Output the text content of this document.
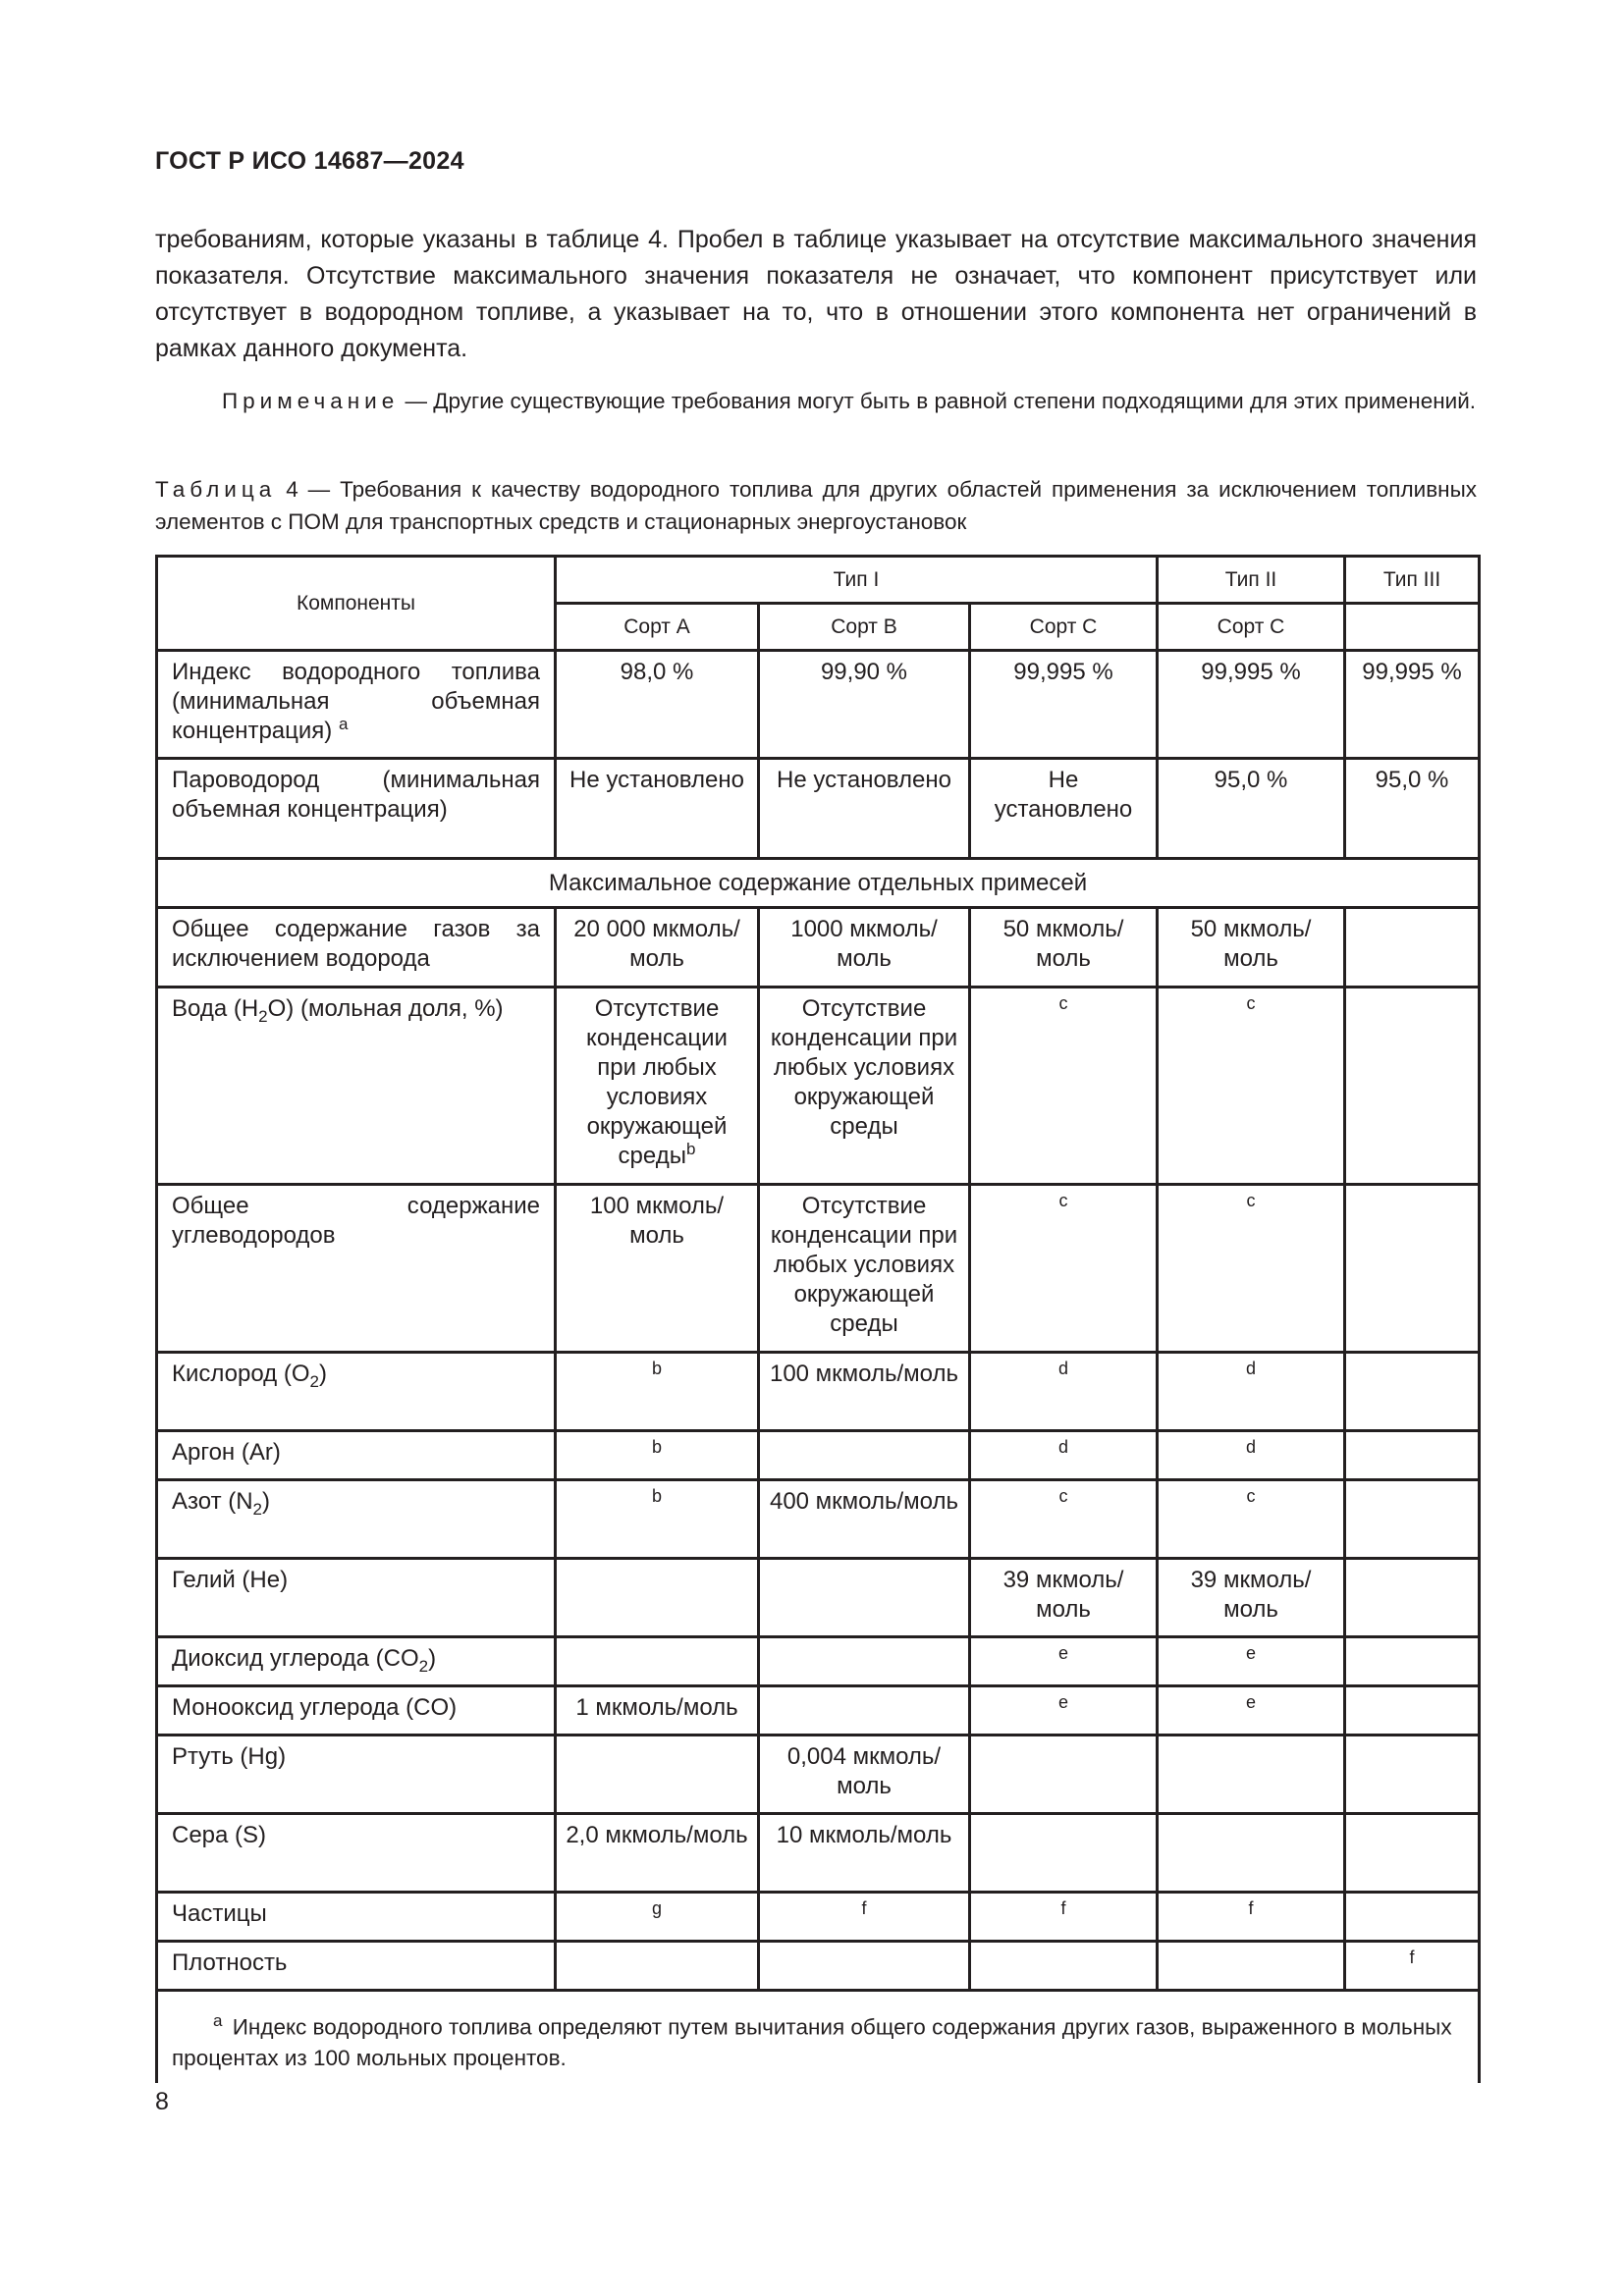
ГОСТ Р ИСО 14687—2024

требованиям, которые указаны в таблице 4. Пробел в таблице указывает на отсутствие максимального значения показателя. Отсутствие максимального значения показателя не означает, что компонент присутствует или отсутствует в водородном топливе, а указывает на то, что в отношении этого компонента нет ограничений в рамках данного документа.

Примечание — Другие существующие требования могут быть в равной степени подходящими для этих применений.

Таблица 4 — Требования к качеству водородного топлива для других областей применения за исключением топливных элементов с ПОМ для транспортных средств и стационарных энергоустановок

Компоненты	Тип I			Тип II	Тип III
	Сорт А	Сорт В	Сорт С	Сорт С	
Индекс водородного топлива (минимальная объемная концентрация) $^a$	98,0 %	99,90 %	99,995 %	99,995 %	99,995 %
Пароводород (минимальная объемная концентрация)	Не установлено	Не установлено	Не установлено	95,0 %	95,0 %
Максимальное содержание отдельных примесей					
Общее содержание газов за исключением водорода	20 000 мкмоль/моль	1000 мкмоль/моль	50 мкмоль/моль	50 мкмоль/моль	
Вода $(H_2O)$ (мольная доля, %)	Отсутствие конденсации при любых условиях окружающей среды$^b$	Отсутствие конденсации при любых условиях окружающей среды	c	c	
Общее содержание углеводородов	100 мкмоль/моль	Отсутствие конденсации при любых условиях окружающей среды	c	c	
Кислород $(O_2)$	b	100 мкмоль/моль	d	d	
Аргон (Ar)	b		d	d	
Азот $(N_2)$	b	400 мкмоль/моль	c	c	
Гелий (He)			39 мкмоль/моль	39 мкмоль/моль	
Диоксид углерода $(CO_2)$			e	e	
Монооксид углерода (CO)	1 мкмоль/моль		e	e	
Ртуть (Hg)		0,004 мкмоль/моль			
Сера (S)	2,0 мкмоль/моль	10 мкмоль/моль			
Частицы	g	f	f	f	
Плотность					f
$^a$ Индекс водородного топлива определяют путем вычитания общего содержания других газов, выраженного в мольных процентах из 100 мольных процентов.					
8
